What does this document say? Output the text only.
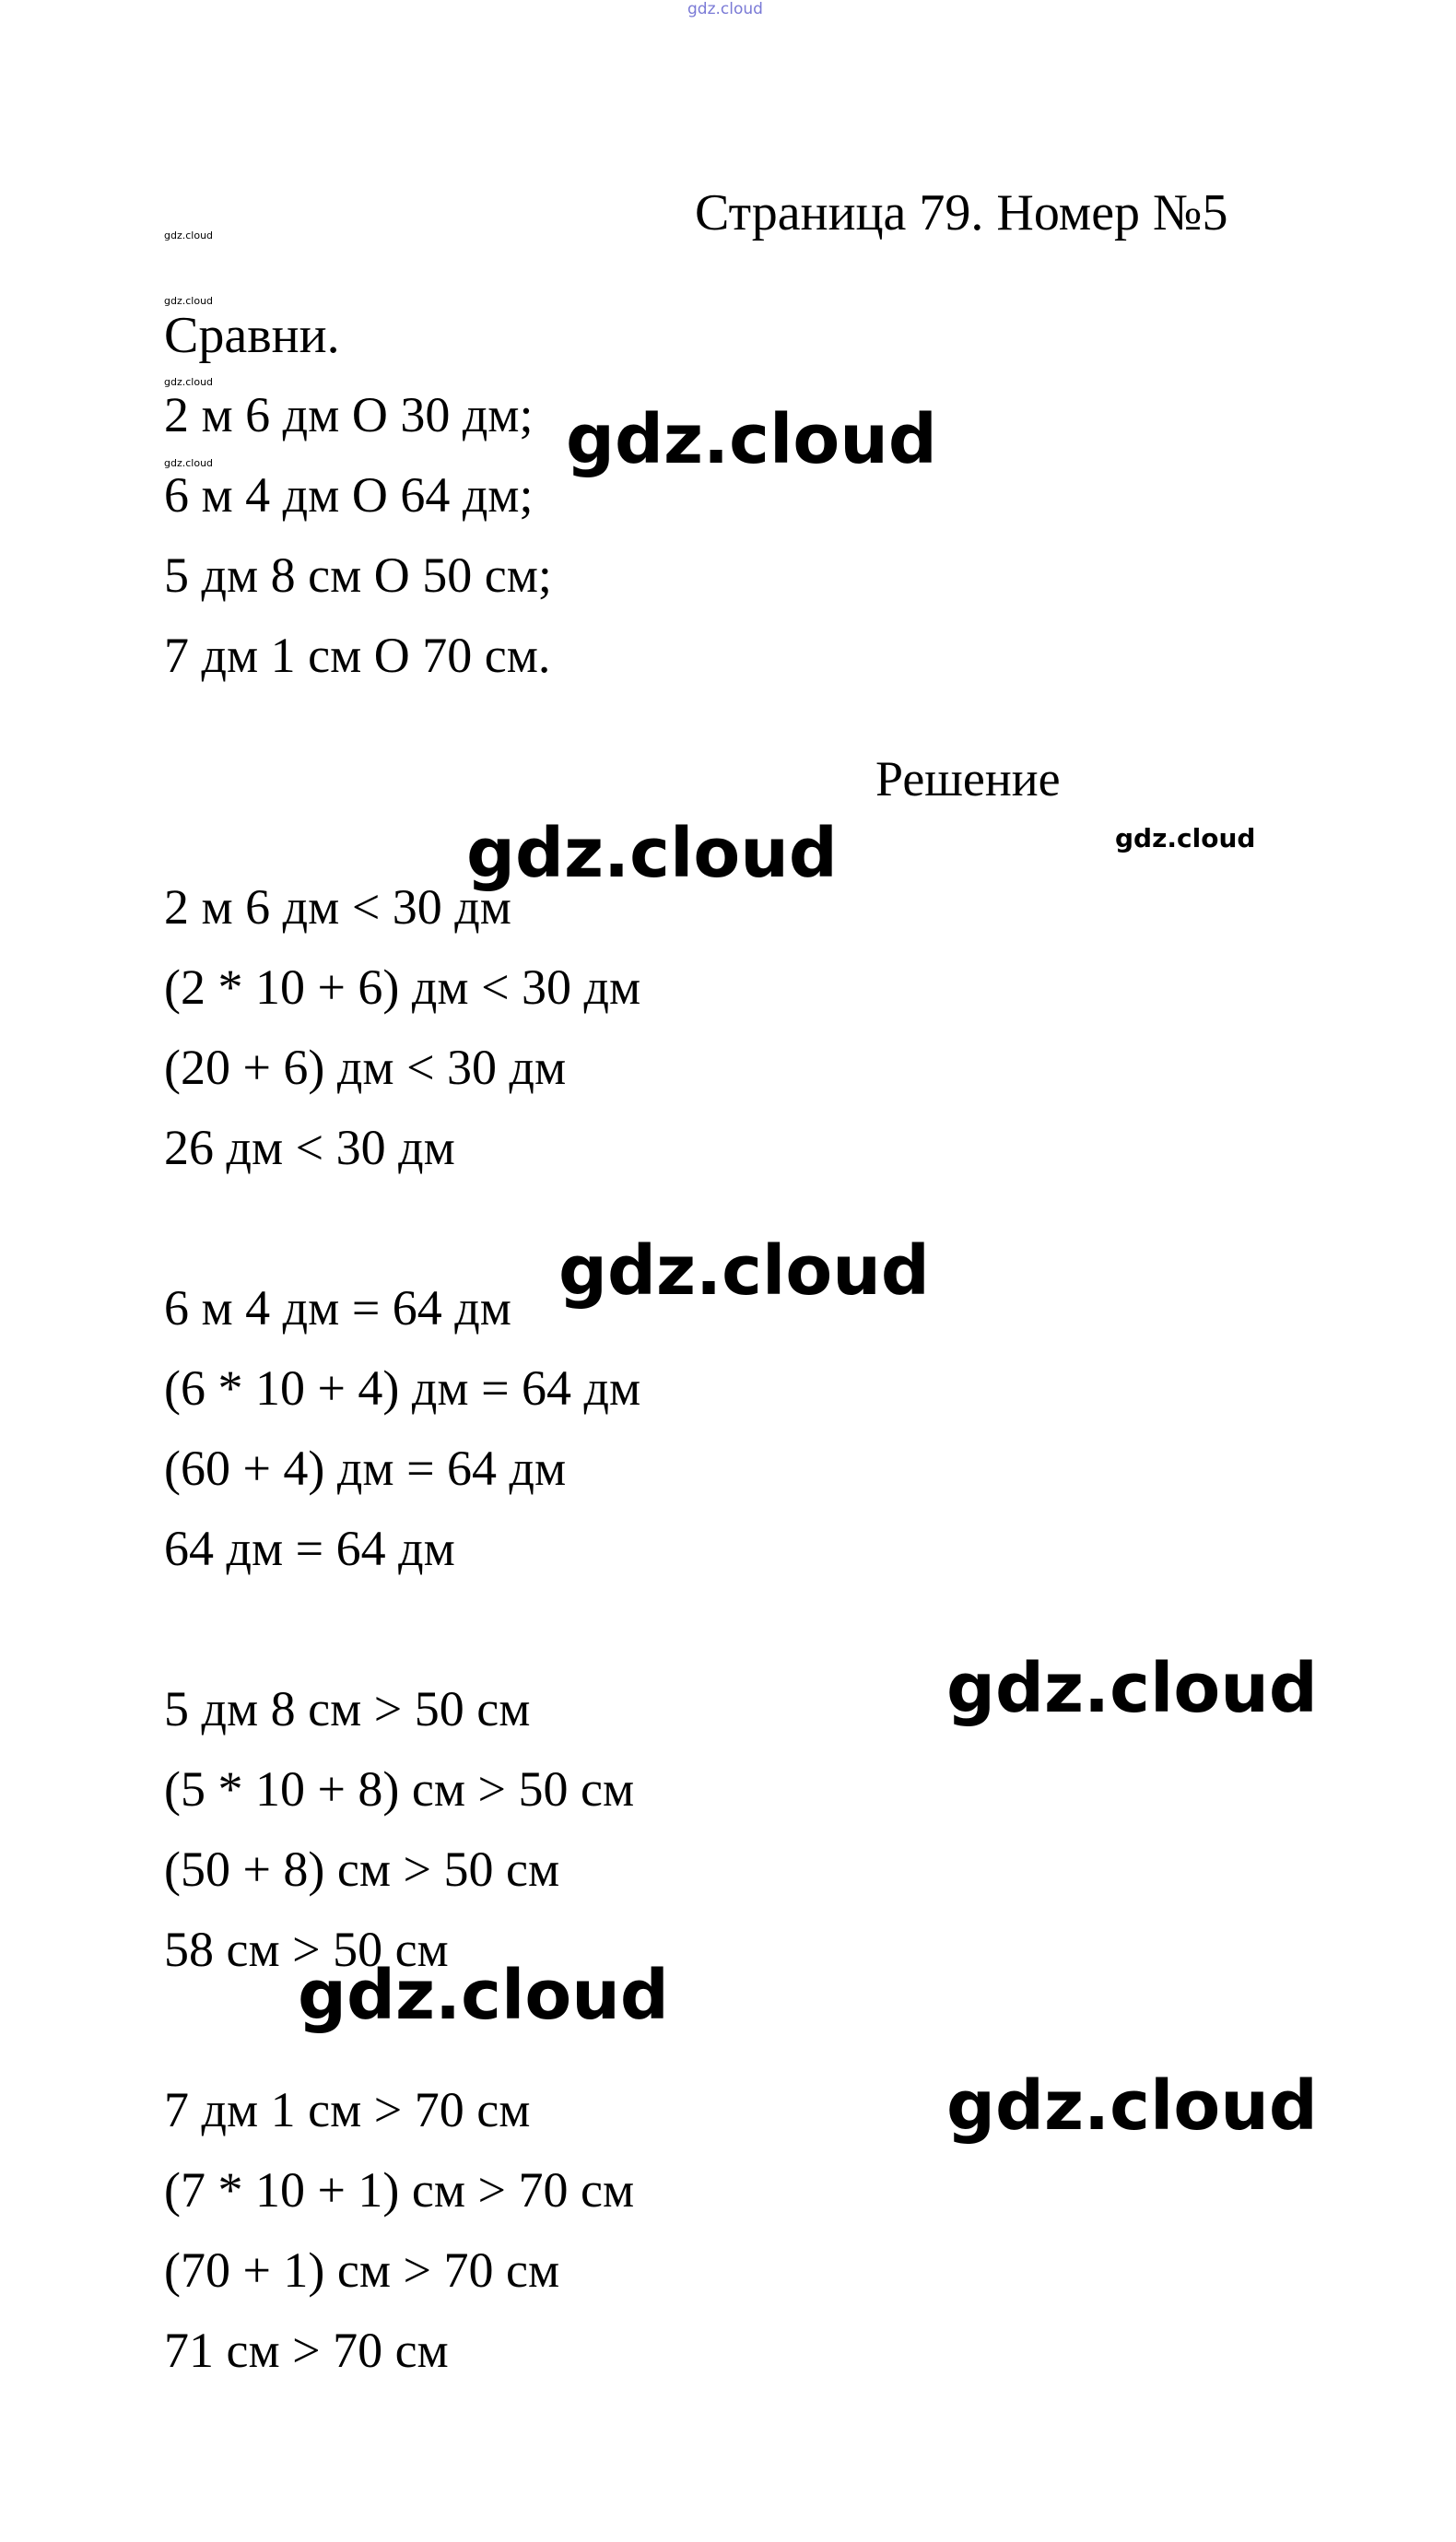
gdz.cloud
Страница 79. Номер №5
gdz.cloud
gdz.cloud
gdz.cloud
gdz.cloud
Сравни.
2 м 6 дм O 30 дм;
6 м 4 дм O 64 дм;
5 дм 8 см O 50 см;
7 дм 1 см O 70 см.
gdz.cloud
Решение
gdz.cloud
gdz.cloud
2 м 6 дм < 30 дм
(2 * 10 + 6) дм < 30 дм
(20 + 6) дм < 30 дм
26 дм < 30 дм
gdz.cloud
6 м 4 дм = 64 дм
(6 * 10 + 4) дм = 64 дм
(60 + 4) дм = 64 дм
64 дм = 64 дм
gdz.cloud
5 дм 8 см > 50 см
(5 * 10 + 8) см > 50 см
(50 + 8) см > 50 см
58 см > 50 см
gdz.cloud
gdz.cloud
7 дм 1 см > 70 см
(7 * 10 + 1) см > 70 см
(70 + 1) см > 70 см
71 см > 70 см
